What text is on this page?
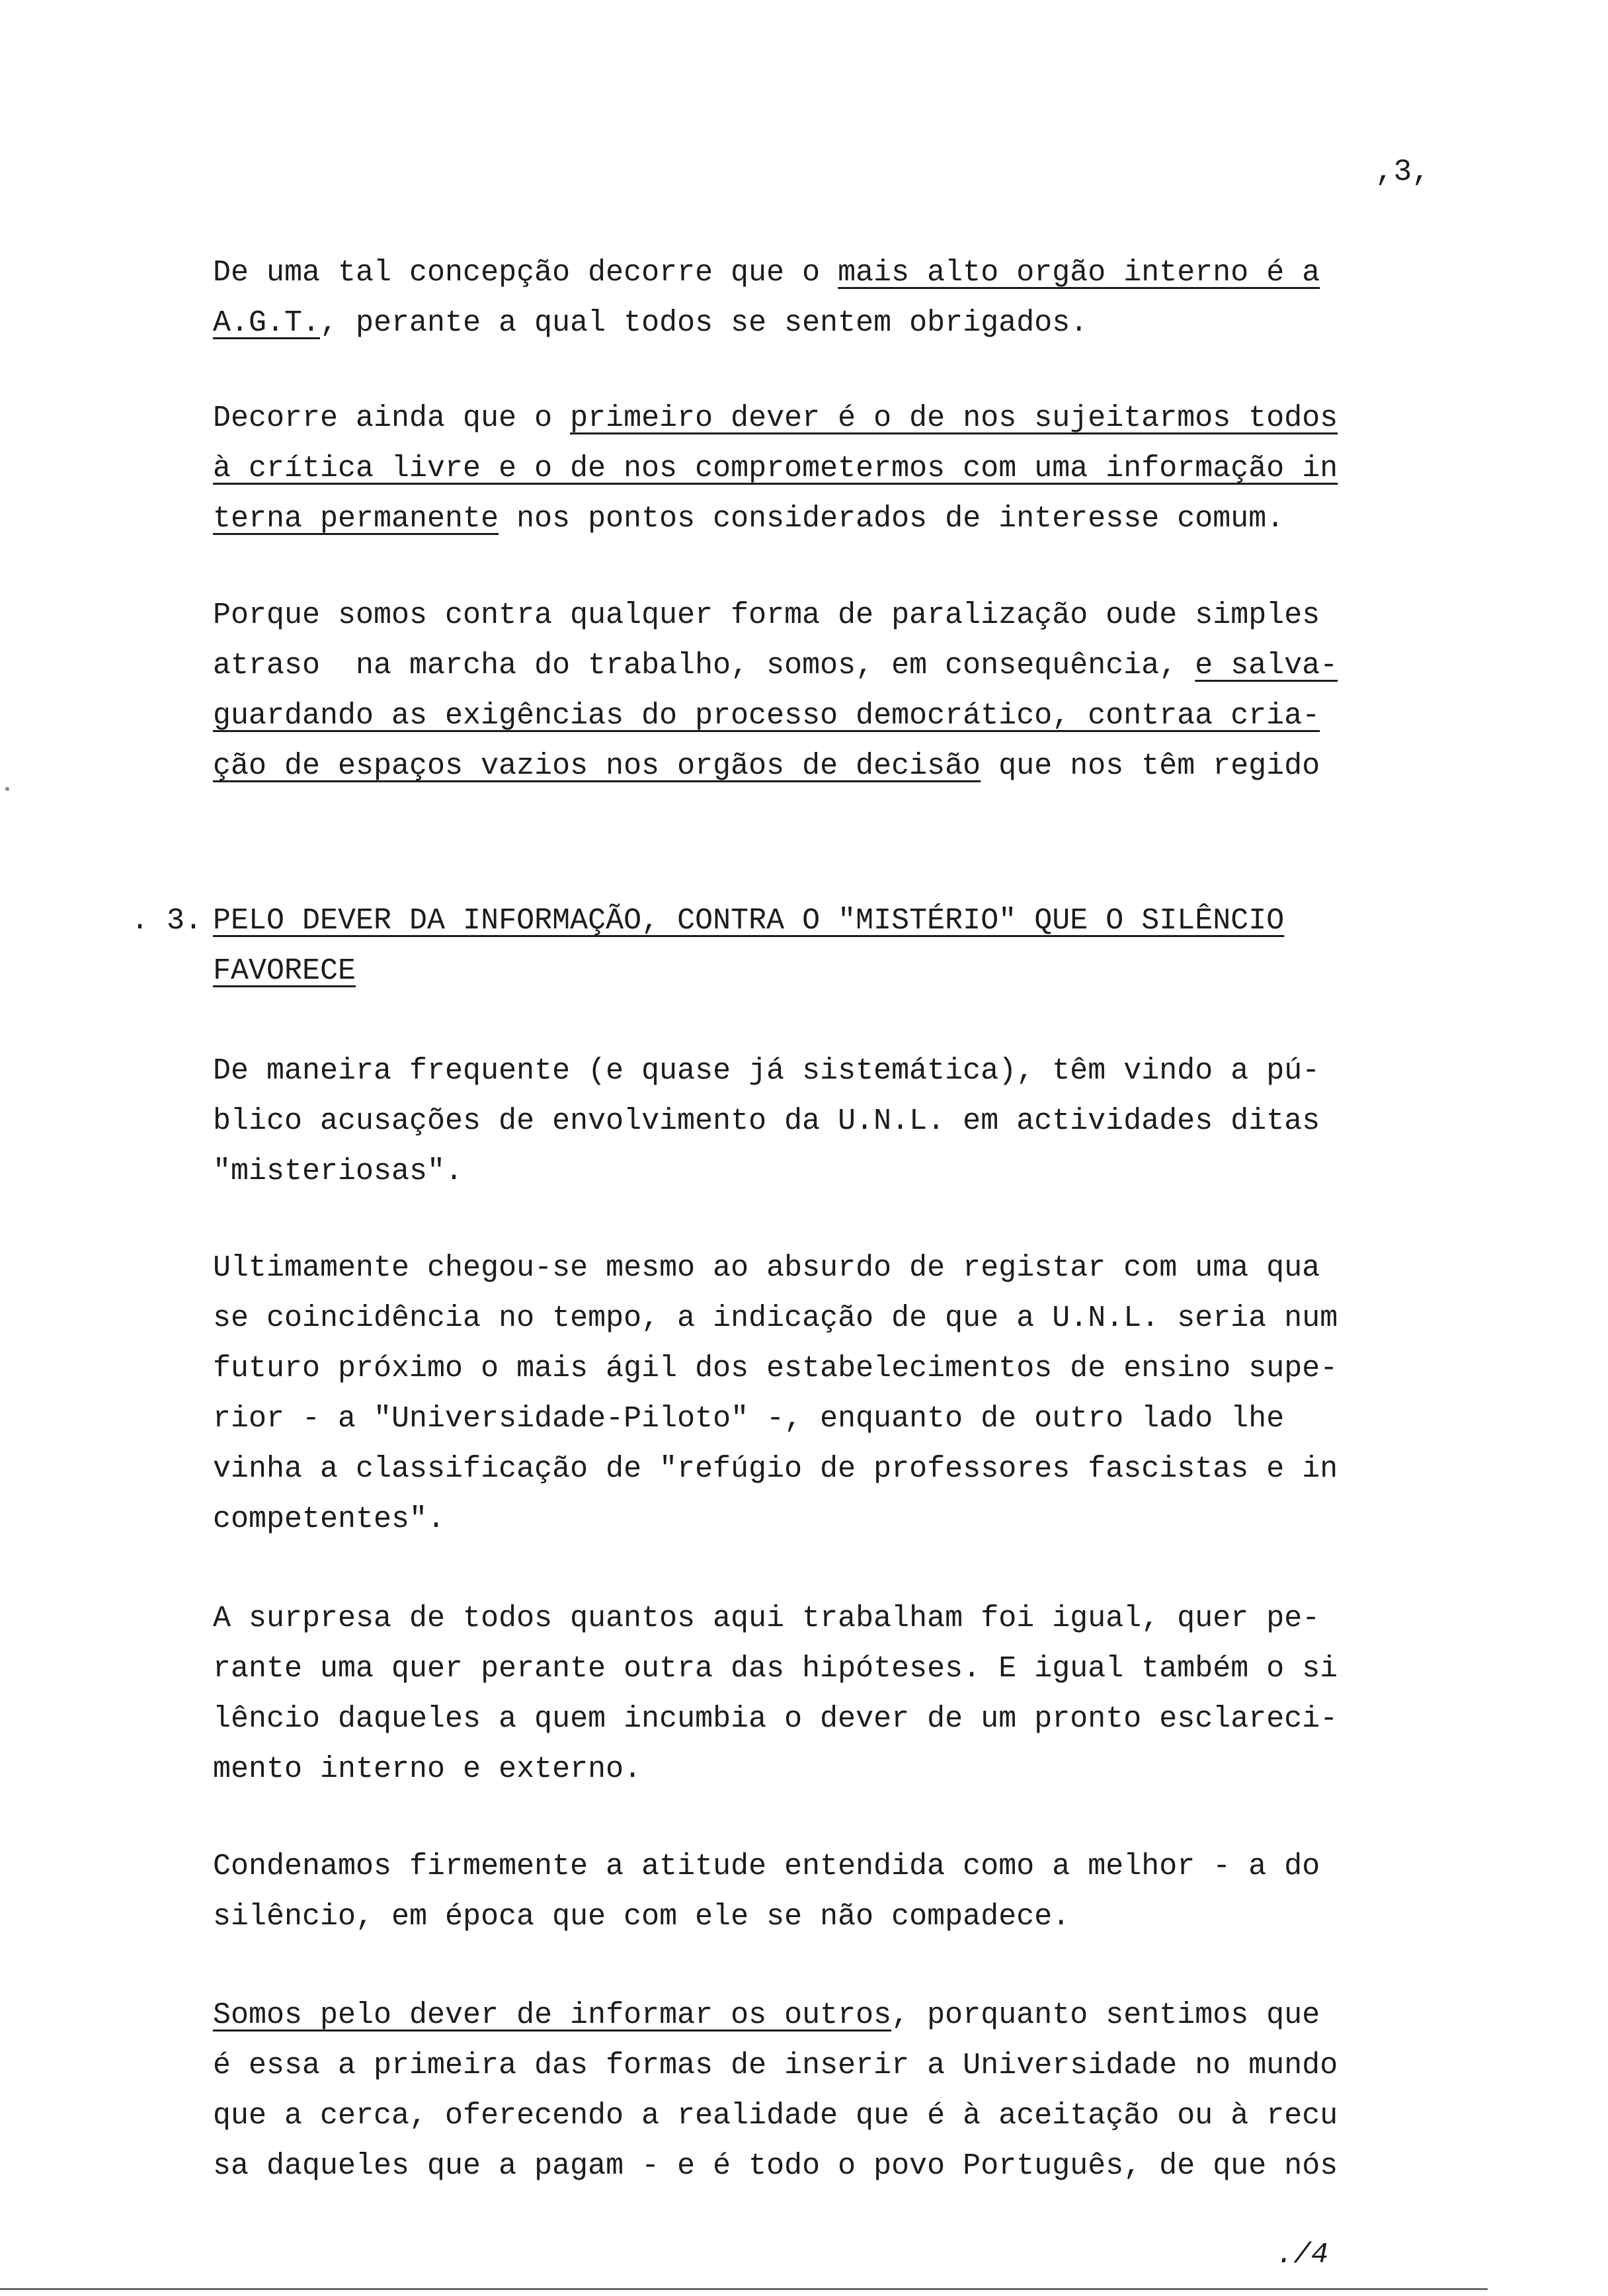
,3,
De uma tal concepção decorre que o mais alto orgão interno é a
A.G.T., perante a qual todos se sentem obrigados.
Decorre ainda que o primeiro dever é o de nos sujeitarmos todos
à crítica livre e o de nos comprometermos com uma informação in
terna permanente nos pontos considerados de interesse comum.
Porque somos contra qualquer forma de paralização oude simples
atraso  na marcha do trabalho, somos, em consequência, e salva-
guardando as exigências do processo democrático, contraa cria-
ção de espaços vazios nos orgãos de decisão que nos têm regido
. 3. PELO DEVER DA INFORMAÇÃO, CONTRA O "MISTÉRIO" QUE O SILÊNCIO
FAVORECE
De maneira frequente (e quase já sistemática), têm vindo a pú-
blico acusações de envolvimento da U.N.L. em actividades ditas
"misteriosas".
Ultimamente chegou-se mesmo ao absurdo de registar com uma qua
se coincidência no tempo, a indicação de que a U.N.L. seria num
futuro próximo o mais ágil dos estabelecimentos de ensino supe-
rior - a "Universidade-Piloto" -, enquanto de outro lado lhe
vinha a classificação de "refúgio de professores fascistas e in
competentes".
A surpresa de todos quantos aqui trabalham foi igual, quer pe-
rante uma quer perante outra das hipóteses. E igual também o si
lêncio daqueles a quem incumbia o dever de um pronto esclareci-
mento interno e externo.
Condenamos firmemente a atitude entendida como a melhor - a do
silêncio, em época que com ele se não compadece.
Somos pelo dever de informar os outros, porquanto sentimos que
é essa a primeira das formas de inserir a Universidade no mundo
que a cerca, oferecendo a realidade que é à aceitação ou à recu
sa daqueles que a pagam - e é todo o povo Português, de que nós
./4
